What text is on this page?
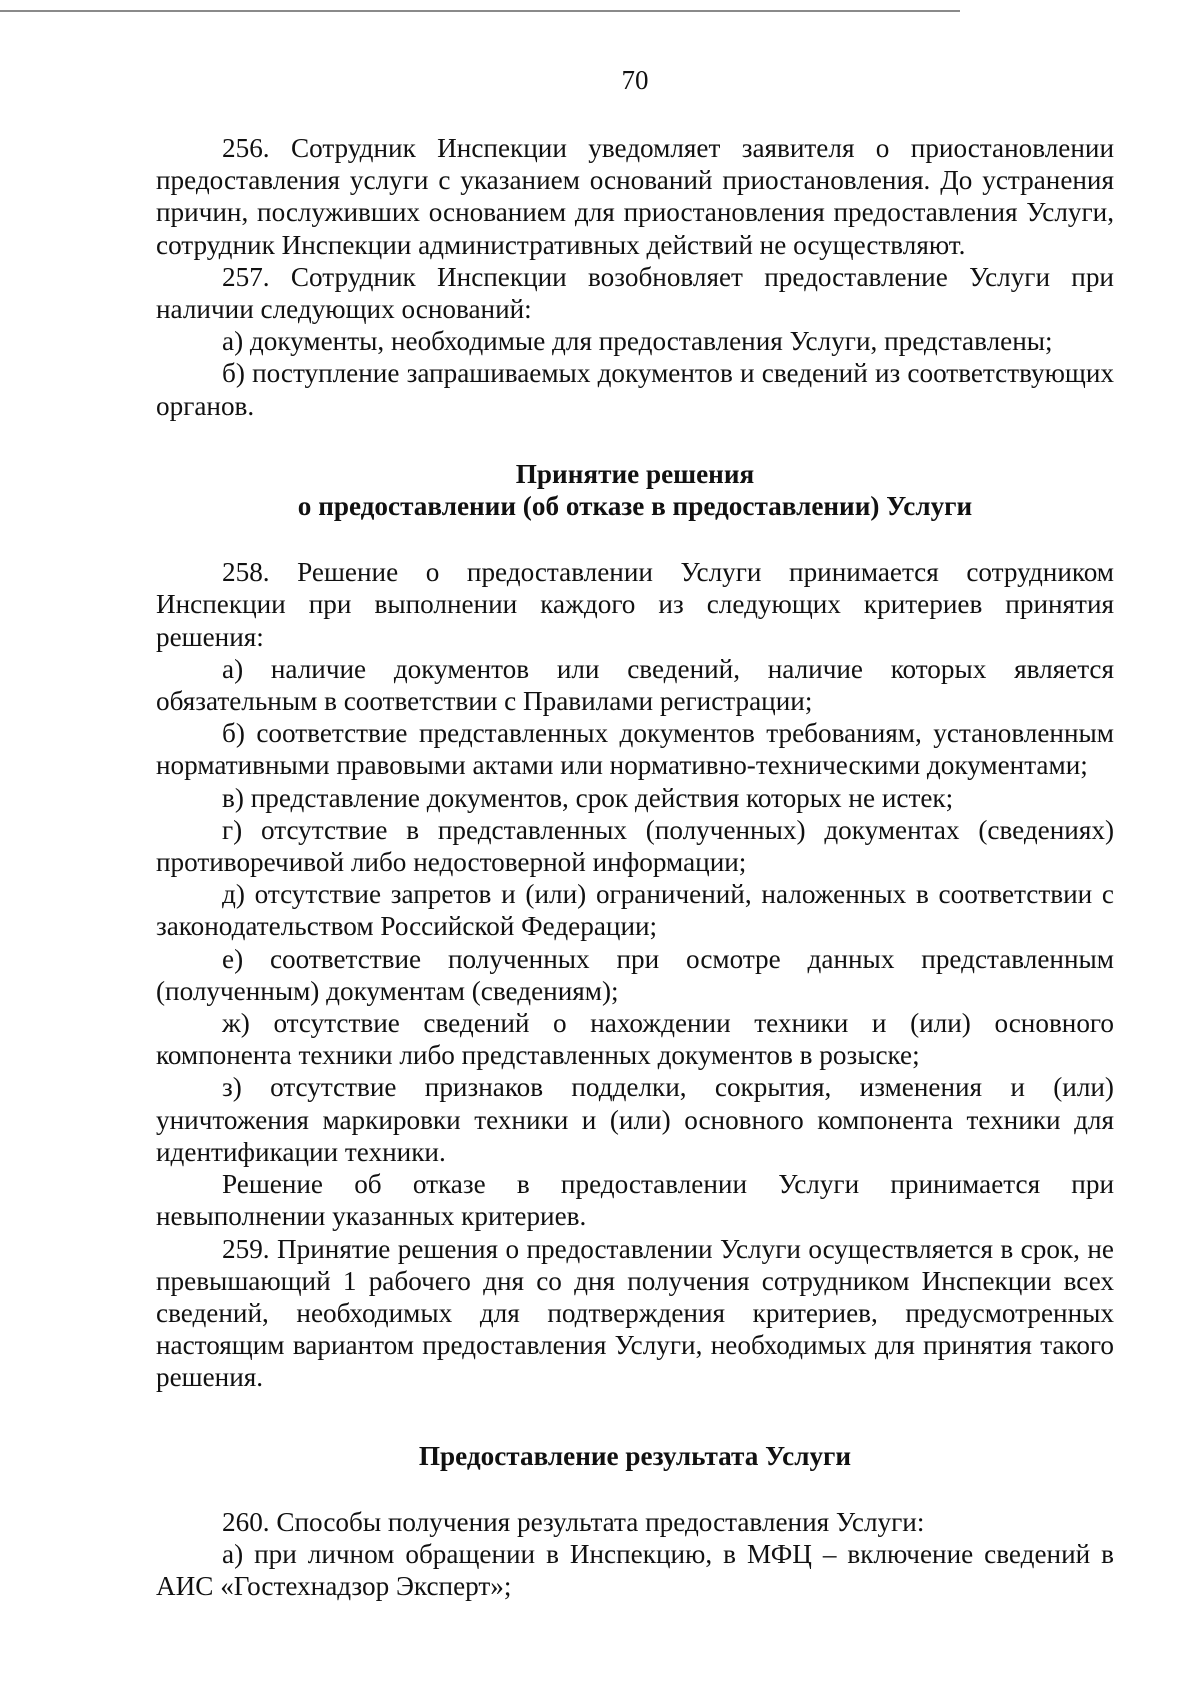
70

256. Сотрудник Инспекции уведомляет заявителя о приостановлении предоставления услуги с указанием оснований приостановления. До устранения причин, послуживших основанием для приостановления предоставления Услуги, сотрудник Инспекции административных действий не осуществляют.

257. Сотрудник Инспекции возобновляет предоставление Услуги при наличии следующих оснований:

а) документы, необходимые для предоставления Услуги, представлены;

б) поступление запрашиваемых документов и сведений из соответствующих органов.

Принятие решения
о предоставлении (об отказе в предоставлении) Услуги

258. Решение о предоставлении Услуги принимается сотрудником Инспекции при выполнении каждого из следующих критериев принятия решения:

а) наличие документов или сведений, наличие которых является обязательным в соответствии с Правилами регистрации;

б) соответствие представленных документов требованиям, установленным нормативными правовыми актами или нормативно-техническими документами;

в) представление документов, срок действия которых не истек;

г) отсутствие в представленных (полученных) документах (сведениях) противоречивой либо недостоверной информации;

д) отсутствие запретов и (или) ограничений, наложенных в соответствии с законодательством Российской Федерации;

е) соответствие полученных при осмотре данных представленным (полученным) документам (сведениям);

ж) отсутствие сведений о нахождении техники и (или) основного компонента техники либо представленных документов в розыске;

з) отсутствие признаков подделки, сокрытия, изменения и (или) уничтожения маркировки техники и (или) основного компонента техники для идентификации техники.

Решение об отказе в предоставлении Услуги принимается при невыполнении указанных критериев.

259. Принятие решения о предоставлении Услуги осуществляется в срок, не превышающий 1 рабочего дня со дня получения сотрудником Инспекции всех сведений, необходимых для подтверждения критериев, предусмотренных настоящим вариантом предоставления Услуги, необходимых для принятия такого решения.

Предоставление результата Услуги

260. Способы получения результата предоставления Услуги:

а) при личном обращении в Инспекцию, в МФЦ – включение сведений в АИС «Гостехнадзор Эксперт»;
